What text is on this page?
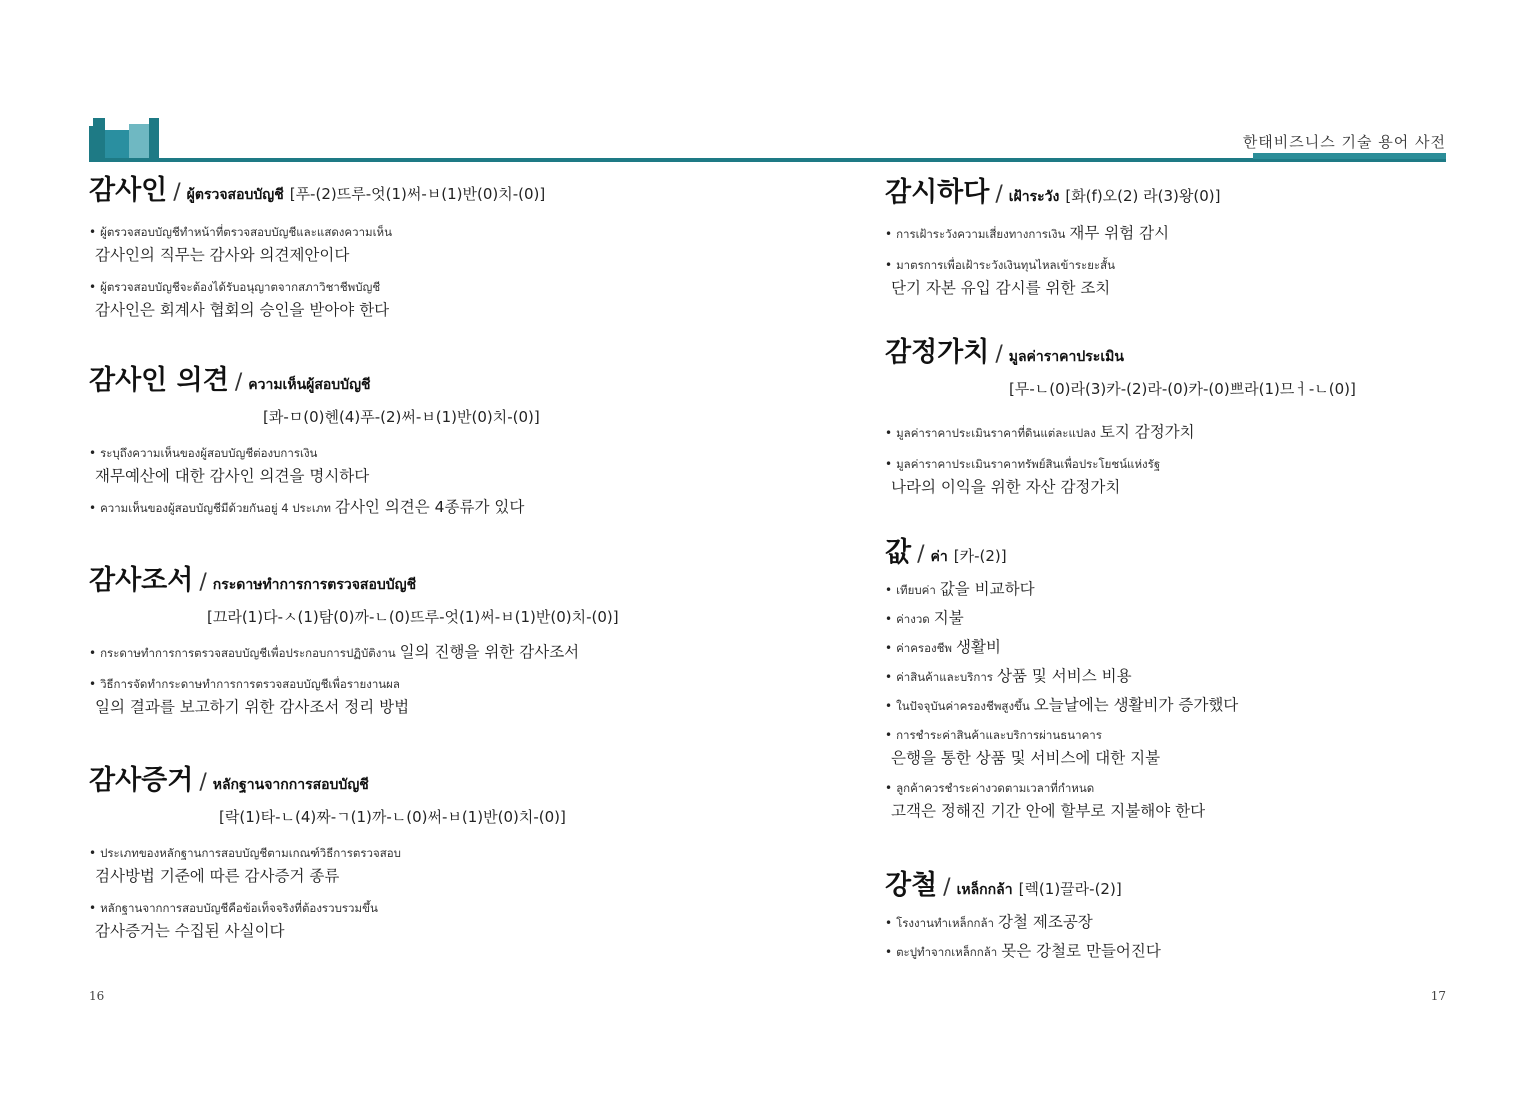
한태비즈니스 기술 용어 사전
감사인 / ผู้ตรวจสอบบัญชี [푸-(2)뜨루-엇(1)써-ㅂ(1)반(0)치-(0)]
• ผู้ตรวจสอบบัญชีทำหน้าที่ตรวจสอบบัญชีและแสดงความเห็น
감사인의 직무는 감사와 의견제안이다
• ผู้ตรวจสอบบัญชีจะต้องได้รับอนุญาตจากสภาวิชาชีพบัญชี
감사인은 회계사 협회의 승인을 받아야 한다
감사인 의견 / ความเห็นผู้สอบบัญชี
[콰-ㅁ(0)헨(4)푸-(2)써-ㅂ(1)반(0)치-(0)]
• ระบุถึงความเห็นของผู้สอบบัญชีต่องบการเงิน
재무예산에 대한 감사인 의견을 명시하다
• ความเห็นของผู้สอบบัญชีมีด้วยกันอยู่ 4 ประเภท 감사인 의견은 4종류가 있다
감사조서 / กระดาษทำการการตรวจสอบบัญชี
[끄라(1)다-ㅅ(1)탐(0)까-ㄴ(0)뜨루-엇(1)써-ㅂ(1)반(0)치-(0)]
• กระดาษทำการการตรวจสอบบัญชีเพื่อประกอบการปฏิบัติงาน 일의 진행을 위한 감사조서
• วิธีการจัดทำกระดาษทำการการตรวจสอบบัญชีเพื่อรายงานผล
일의 결과를 보고하기 위한 감사조서 정리 방법
감사증거 / หลักฐานจากการสอบบัญชี
[락(1)타-ㄴ(4)짜-ㄱ(1)까-ㄴ(0)써-ㅂ(1)반(0)치-(0)]
• ประเภทของหลักฐานการสอบบัญชีตามเกณฑ์วิธีการตรวจสอบ
검사방법 기준에 따른 감사증거 종류
• หลักฐานจากการสอบบัญชีคือข้อเท็จจริงที่ต้องรวบรวมขึ้น
감사증거는 수집된 사실이다
감시하다 / เฝ้าระวัง [화(f)오(2) 라(3)왕(0)]
• การเฝ้าระวังความเสี่ยงทางการเงิน 재무 위험 감시
• มาตรการเพื่อเฝ้าระวังเงินทุนไหลเข้าระยะสั้น
단기 자본 유입 감시를 위한 조치
감정가치 / มูลค่าราคาประเมิน
[무-ㄴ(0)라(3)카-(2)라-(0)카-(0)쁘라(1)므ㅓ-ㄴ(0)]
• มูลค่าราคาประเมินราคาที่ดินแต่ละแปลง 토지 감정가치
• มูลค่าราคาประเมินราคาทรัพย์สินเพื่อประโยชน์แห่งรัฐ
나라의 이익을 위한 자산 감정가치
값 / ค่า [카-(2)]
• เทียบค่า 값을 비교하다
• ค่างวด 지불
• ค่าครองชีพ 생활비
• ค่าสินค้าและบริการ 상품 및 서비스 비용
• ในปัจจุบันค่าครองชีพสูงขึ้น 오늘날에는 생활비가 증가했다
• การชำระค่าสินค้าและบริการผ่านธนาคาร
은행을 통한 상품 및 서비스에 대한 지불
• ลูกค้าควรชำระค่างวดตามเวลาที่กำหนด
고객은 정해진 기간 안에 할부로 지불해야 한다
강철 / เหล็กกล้า [렉(1)끌라-(2)]
• โรงงานทำเหล็กกล้า 강철 제조공장
• ตะปูทำจากเหล็กกล้า 못은 강철로 만들어진다
16	17
